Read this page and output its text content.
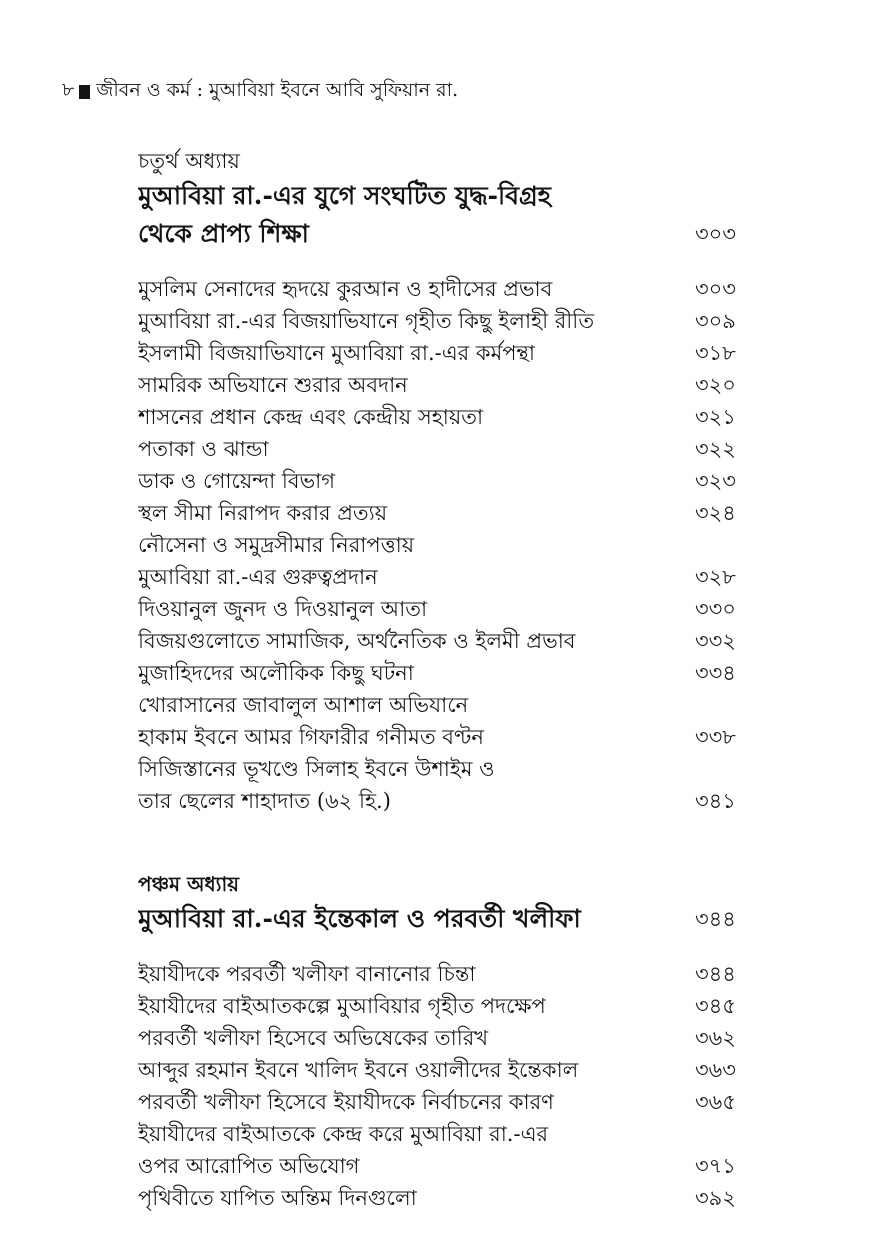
৮ জীবন ও কর্ম : মুআবিয়া ইবনে আবি সুফিয়ান রা.
চতুর্থ অধ্যায়
মুআবিয়া রা.-এর যুগে সংঘটিত যুদ্ধ-বিগ্রহ
থেকে প্রাপ্য শিক্ষা	৩০৩
মুসলিম সেনাদের হৃদয়ে কুরআন ও হাদীসের প্রভাব	৩০৩
মুআবিয়া রা.-এর বিজয়াভিযানে গৃহীত কিছু ইলাহী রীতি	৩০৯
ইসলামী বিজয়াভিযানে মুআবিয়া রা.-এর কর্মপন্থা	৩১৮
সামরিক অভিযানে শুরার অবদান	৩২০
শাসনের প্রধান কেন্দ্র এবং কেন্দ্রীয় সহায়তা	৩২১
পতাকা ও ঝান্ডা	৩২২
ডাক ও গোয়েন্দা বিভাগ	৩২৩
স্থল সীমা নিরাপদ করার প্রত্যয়	৩২৪
নৌসেনা ও সমুদ্রসীমার নিরাপত্তায়
মুআবিয়া রা.-এর গুরুত্বপ্রদান	৩২৮
দিওয়ানুল জুনদ ও দিওয়ানুল আতা	৩৩০
বিজয়গুলোতে সামাজিক, অর্থনৈতিক ও ইলমী প্রভাব	৩৩২
মুজাহিদদের অলৌকিক কিছু ঘটনা	৩৩৪
খোরাসানের জাবালুল আশাল অভিযানে
হাকাম ইবনে আমর গিফারীর গনীমত বণ্টন	৩৩৮
সিজিস্তানের ভূখণ্ডে সিলাহ ইবনে উশাইম ও
তার ছেলের শাহাদাত (৬২ হি.)	৩৪১
পঞ্চম অধ্যায়
মুআবিয়া রা.-এর ইন্তেকাল ও পরবর্তী খলীফা	৩৪৪
ইয়াযীদকে পরবর্তী খলীফা বানানোর চিন্তা	৩৪৪
ইয়াযীদের বাইআতকল্পে মুআবিয়ার গৃহীত পদক্ষেপ	৩৪৫
পরবর্তী খলীফা হিসেবে অভিষেকের তারিখ	৩৬২
আব্দুর রহমান ইবনে খালিদ ইবনে ওয়ালীদের ইন্তেকাল	৩৬৩
পরবর্তী খলীফা হিসেবে ইয়াযীদকে নির্বাচনের কারণ	৩৬৫
ইয়াযীদের বাইআতকে কেন্দ্র করে মুআবিয়া রা.-এর
ওপর আরোপিত অভিযোগ	৩৭১
পৃথিবীতে যাপিত অন্তিম দিনগুলো	৩৯২
